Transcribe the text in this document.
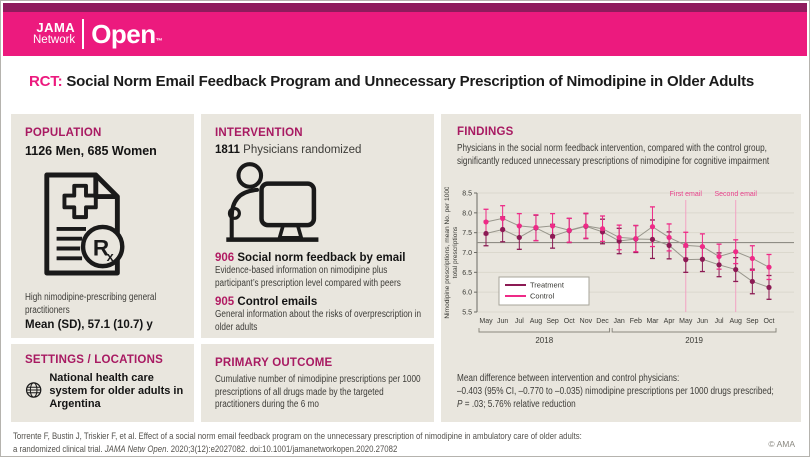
JAMA
Network Open™
RCT: Social Norm Email Feedback Program and Unnecessary Prescription of Nimodipine in Older Adults
POPULATION
1126 Men, 685 Women
R
x
High nimodipine-prescribing general practitioners
Mean (SD), 57.1 (10.7) y
SETTINGS / LOCATIONS
National health care system for older adults in Argentina
INTERVENTION
1811 Physicians randomized
906 Social norm feedback by email
Evidence-based information on nimodipine plus participant’s prescription level compared with peers
905 Control emails
General information about the risks of overprescription in older adults
PRIMARY OUTCOME
Cumulative number of nimodipine prescriptions per 1000 prescriptions of all drugs made by the targeted practitioners during the 6 mo
FINDINGS
Physicians in the social norm feedback intervention, compared with the control group, significantly reduced unnecessary prescriptions of nimodipine for cognitive impairment
5.5
6.0
6.5
7.0
7.5
8.0
8.5	First email Second email
May Jun Jul Aug Sep Oct Nov Dec Jan Feb Mar Apr May Jun Jul Aug Sep Oct
2018	2019
Nimodipine prescriptions, mean No. per 1000 total prescriptions
Treatment
Control
Mean difference between intervention and control physicians:
–0.403 (95% CI, –0.770 to –0.035) nimodipine prescriptions per 1000 drugs prescribed;
P = .03; 5.76% relative reduction
Torrente F, Bustin J, Triskier F, et al. Effect of a social norm email feedback program on the unnecessary prescription of nimodipine in ambulatory care of older adults:
a randomized clinical trial. JAMA Netw Open. 2020;3(12):e2027082. doi:10.1001/jamanetworkopen.2020.27082
© AMA
